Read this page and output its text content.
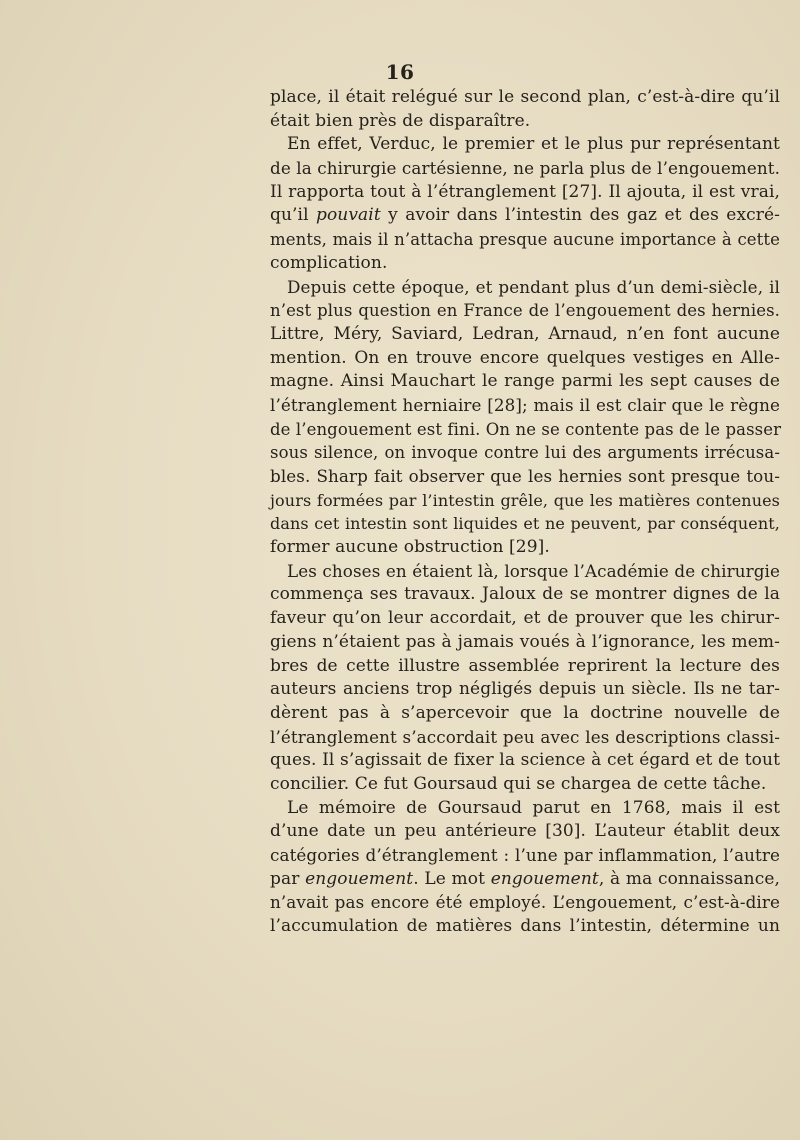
16
place, il était relégué sur le second plan, c’est-à-dire qu’il
était bien près de disparaître.
En effet, Verduc, le premier et le plus pur représentant
de la chirurgie cartésienne, ne parla plus de l’engouement.
Il rapporta tout à l’étranglement [27]. Il ajouta, il est vrai,
qu’il pouvait y avoir dans l’intestin des gaz et des excré-
ments, mais il n’attacha presque aucune importance à cette
complication.
Depuis cette époque, et pendant plus d’un demi-siècle, il
n’est plus question en France de l’engouement des hernies.
Littre, Méry, Saviard, Ledran, Arnaud, n’en font aucune
mention. On en trouve encore quelques vestiges en Alle-
magne. Ainsi Mauchart le range parmi les sept causes de
l’étranglement herniaire [28]; mais il est clair que le règne
de l’engouement est fini. On ne se contente pas de le passer
sous silence, on invoque contre lui des arguments irrécusa-
bles. Sharp fait observer que les hernies sont presque tou-
jours formées par l’intestin grêle, que les matières contenues
dans cet intestin sont liquides et ne peuvent, par conséquent,
former aucune obstruction [29].
Les choses en étaient là, lorsque l’Académie de chirurgie
commença ses travaux. Jaloux de se montrer dignes de la
faveur qu’on leur accordait, et de prouver que les chirur-
giens n’étaient pas à jamais voués à l’ignorance, les mem-
bres de cette illustre assemblée reprirent la lecture des
auteurs anciens trop négligés depuis un siècle. Ils ne tar-
dèrent pas à s’apercevoir que la doctrine nouvelle de
l’étranglement s’accordait peu avec les descriptions classi-
ques. Il s’agissait de fixer la science à cet égard et de tout
concilier. Ce fut Goursaud qui se chargea de cette tâche.
Le mémoire de Goursaud parut en 1768, mais il est
d’une date un peu antérieure [30]. L’auteur établit deux
catégories d’étranglement : l’une par inflammation, l’autre
par engouement. Le mot engouement, à ma connaissance,
n’avait pas encore été employé. L’engouement, c’est-à-dire
l’accumulation de matières dans l’intestin, détermine un
